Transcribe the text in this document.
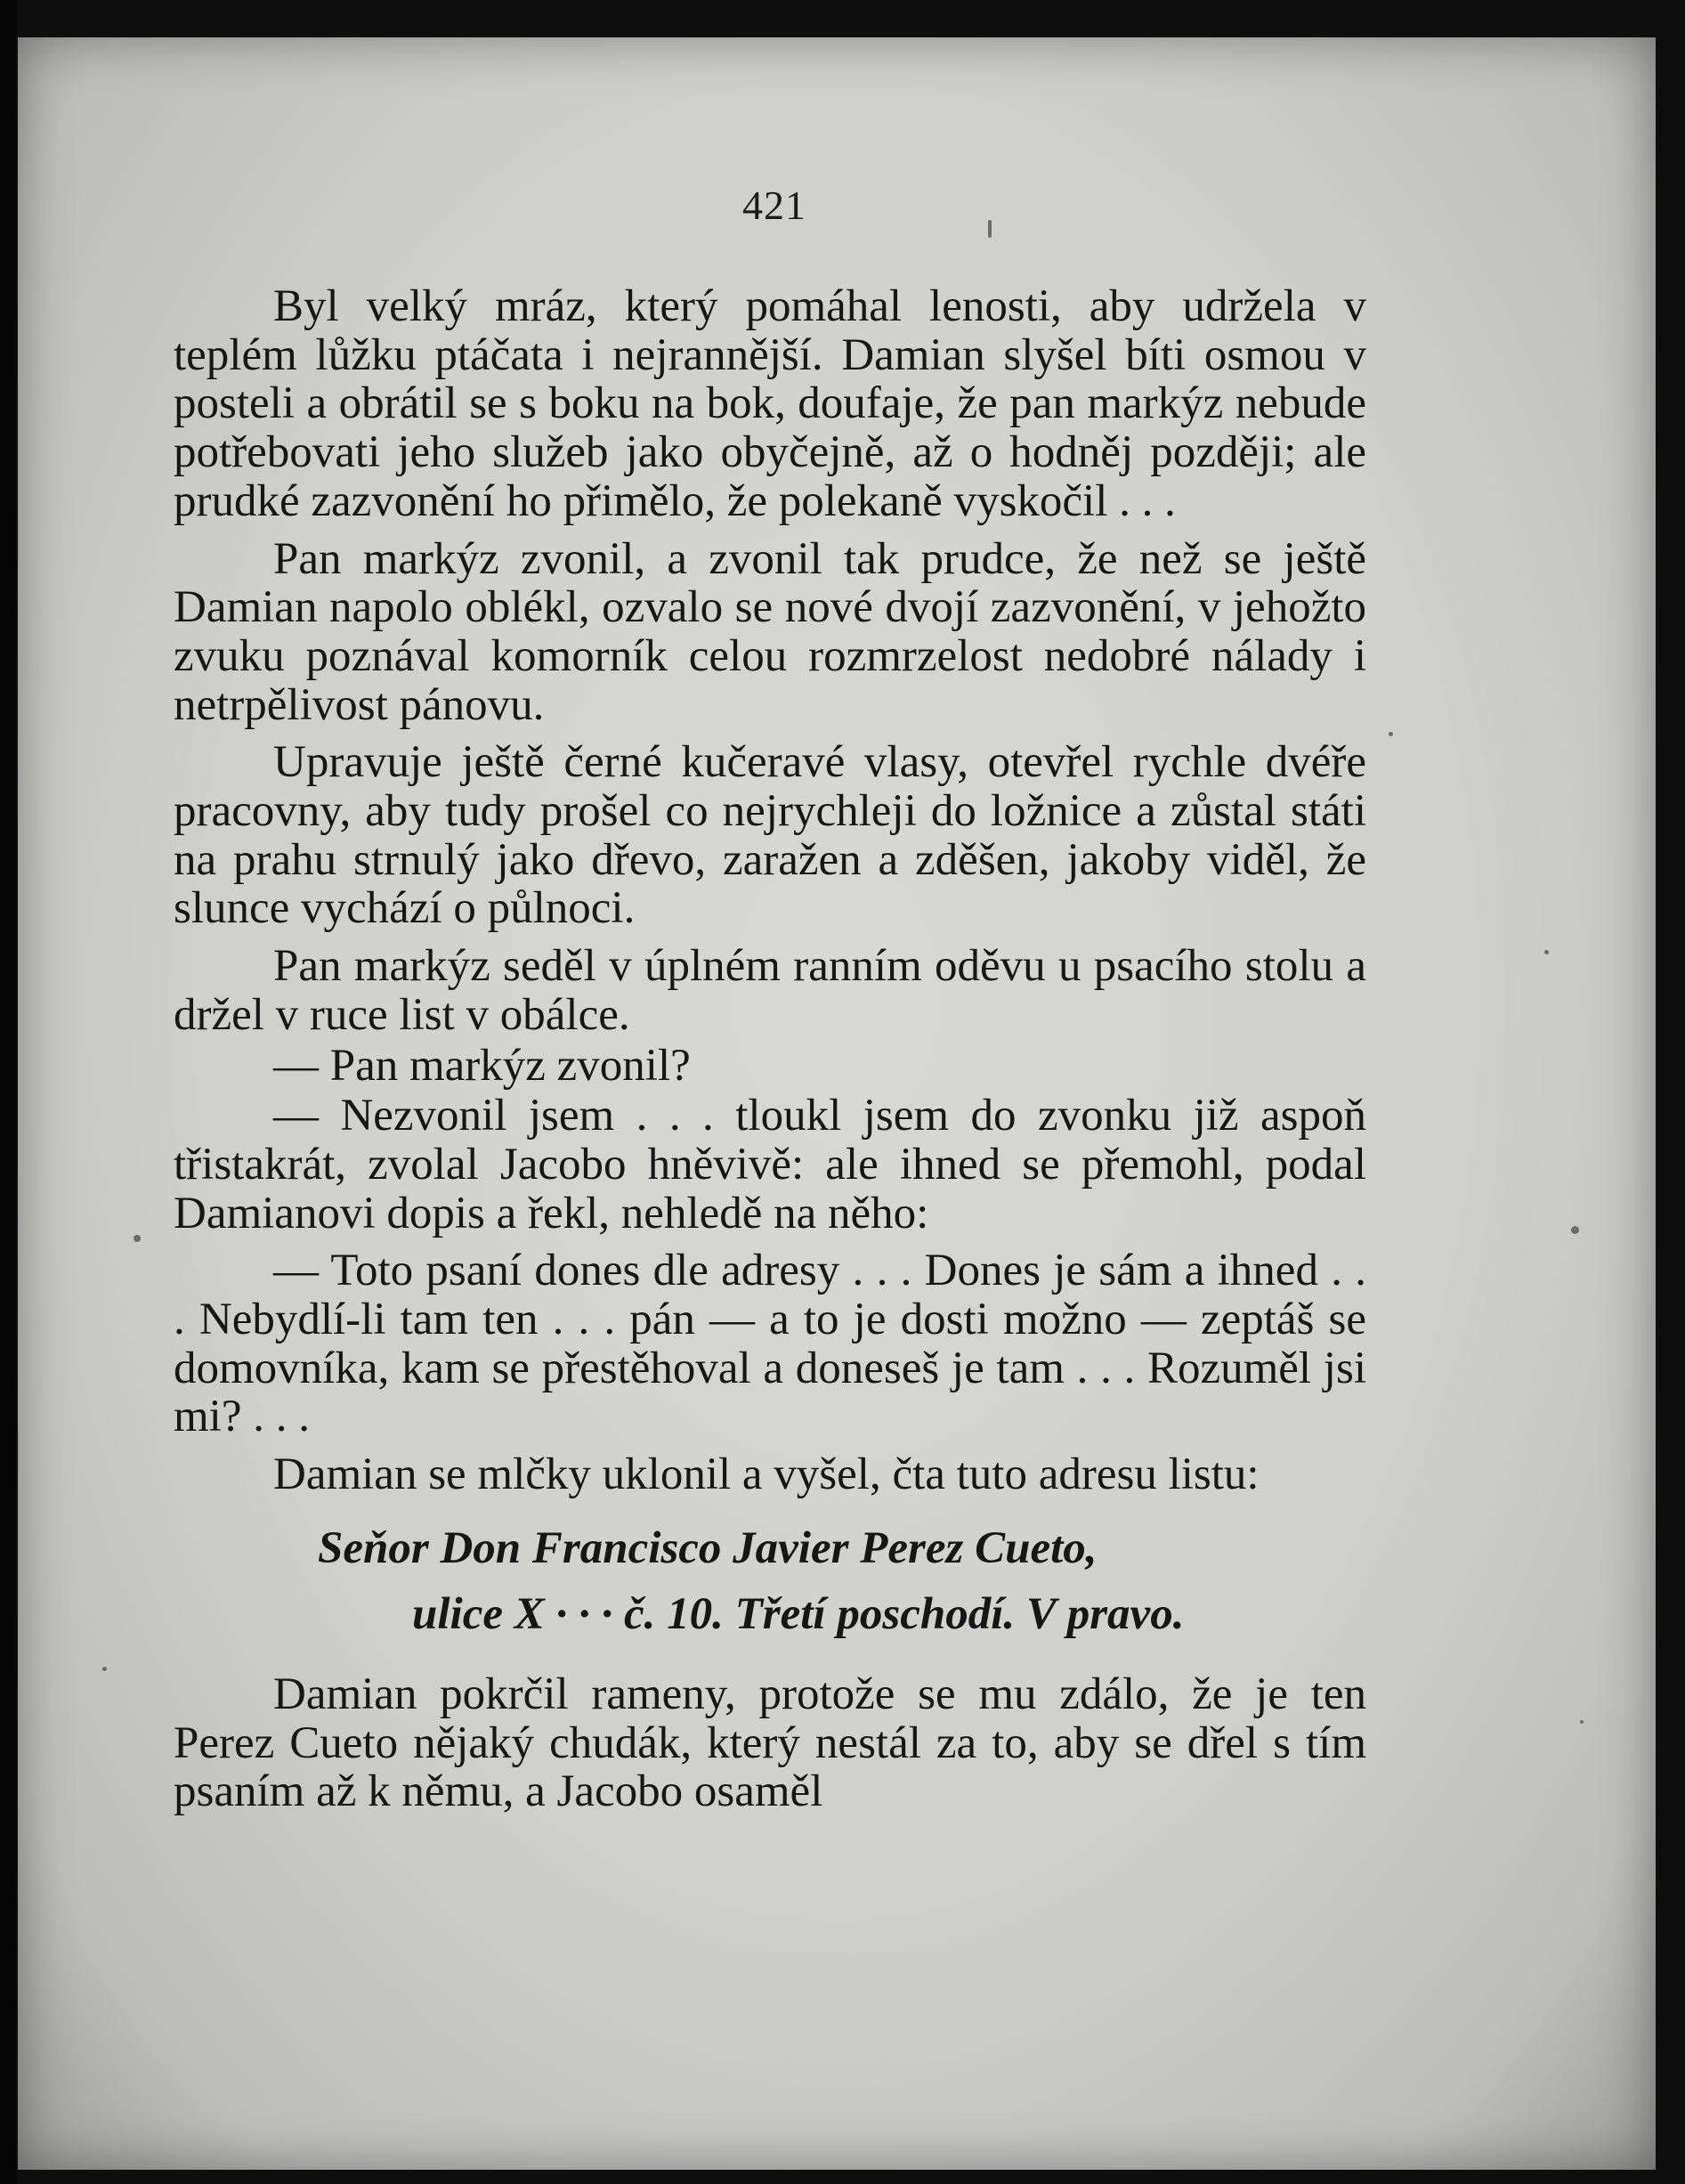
421

Byl velký mráz, který pomáhal lenosti, aby udržela v teplém lůžku ptáčata i nejrannější. Damian slyšel bíti osmou v posteli a obrátil se s boku na bok, doufaje, že pan markýz nebude potřebovati jeho služeb jako obyčejně, až o hodněj později; ale prudké zazvonění ho přimělo, že polekaně vyskočil . . .

Pan markýz zvonil, a zvonil tak prudce, že než se ještě Damian napolo oblékl, ozvalo se nové dvojí zazvonění, v jehožto zvuku poznával komorník celou rozmrzelost nedobré nálady i netrpělivost pánovu.

Upravuje ještě černé kučeravé vlasy, otevřel rychle dvéře pracovny, aby tudy prošel co nejrychleji do ložnice a zůstal státi na prahu strnulý jako dřevo, zaražen a zděšen, jakoby viděl, že slunce vychází o půlnoci.

Pan markýz seděl v úplném ranním oděvu u psacího stolu a držel v ruce list v obálce.

— Pan markýz zvonil?

— Nezvonil jsem . . . tloukl jsem do zvonku již aspoň třistakrát, zvolal Jacobo hněvivě: ale ihned se přemohl, podal Damianovi dopis a řekl, nehledě na něho:

— Toto psaní dones dle adresy . . . Dones je sám a ihned . . . Nebydlí-li tam ten . . . pán — a to je dosti možno — zeptáš se domovníka, kam se přestěhoval a doneseš je tam . . . Rozuměl jsi mi? . . .

Damian se mlčky uklonil a vyšel, čta tuto adresu listu:

Seňor Don Francisco Javier Perez Cueto,
ulice X · · · č. 10. Třetí poschodí. V pravo.

Damian pokrčil rameny, protože se mu zdálo, že je ten Perez Cueto nějaký chudák, který nestál za to, aby se dřel s tím psaním až k němu, a Jacobo osaměl
